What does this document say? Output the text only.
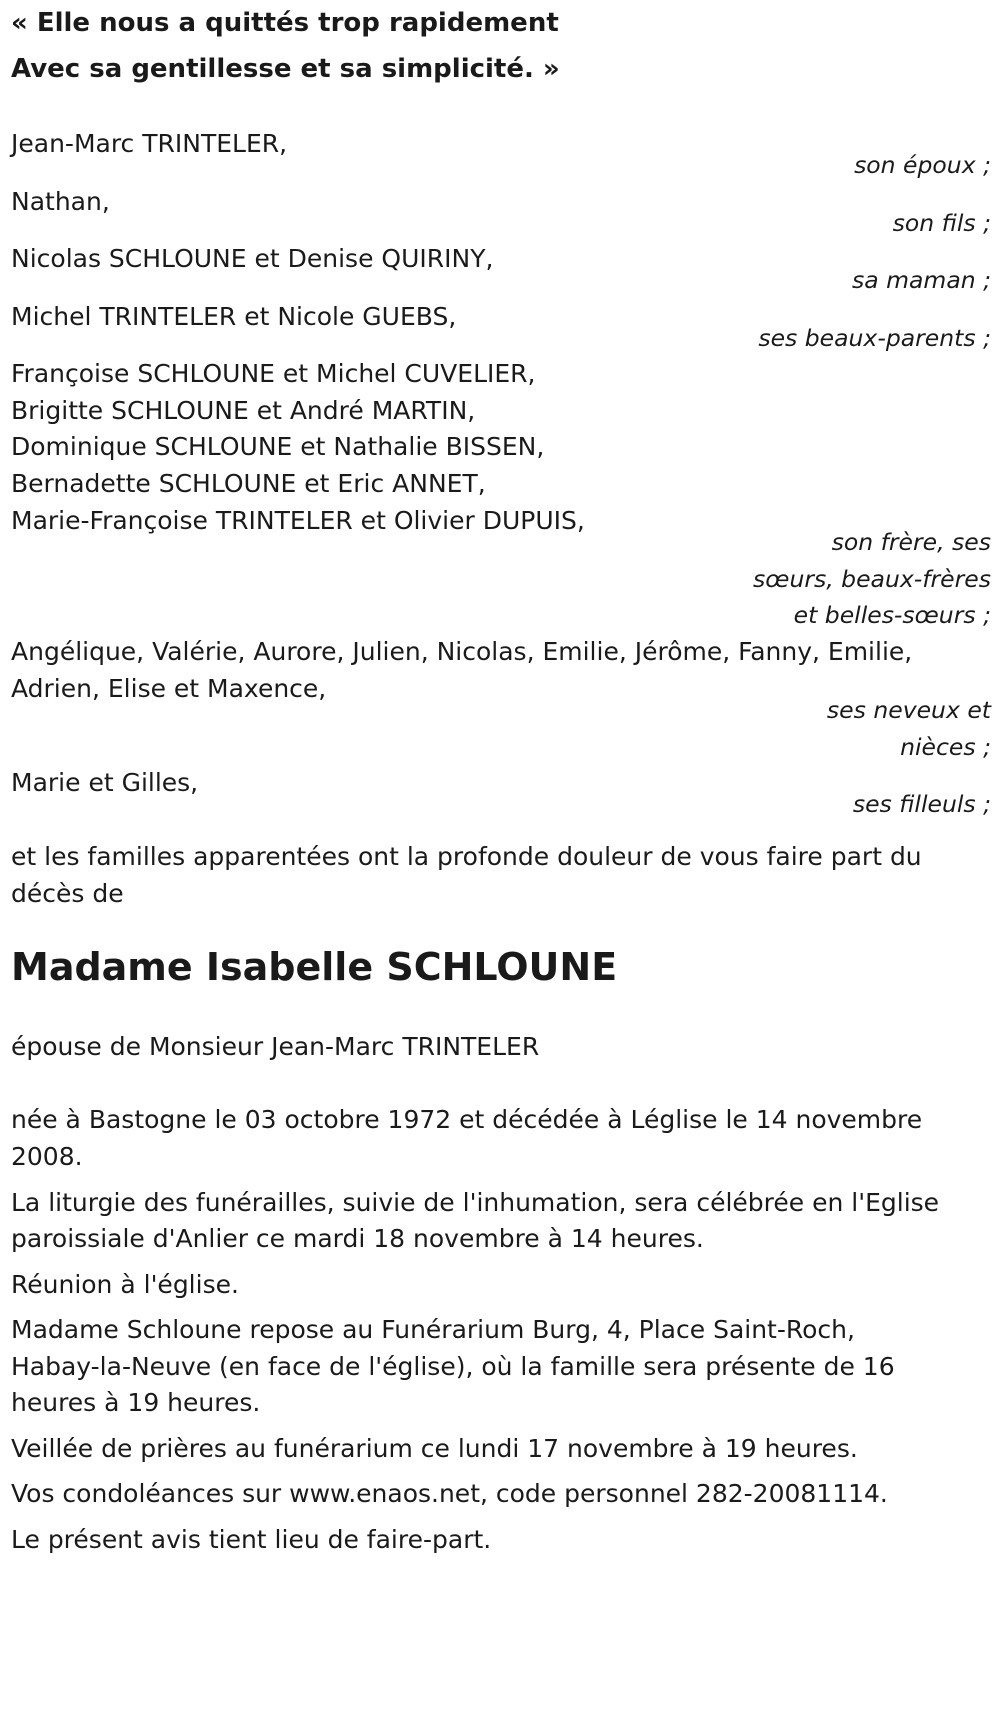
« Elle nous a quittés trop rapidement
Avec sa gentillesse et sa simplicité. »
Jean-Marc TRINTELER,
son époux ;
Nathan,
son fils ;
Nicolas SCHLOUNE et Denise QUIRINY,
sa maman ;
Michel TRINTELER et Nicole GUEBS,
ses beaux-parents ;
Françoise SCHLOUNE et Michel CUVELIER,
Brigitte SCHLOUNE et André MARTIN,
Dominique SCHLOUNE et Nathalie BISSEN,
Bernadette SCHLOUNE et Eric ANNET,
Marie-Françoise TRINTELER et Olivier DUPUIS,
son frère, ses
sœurs, beaux-frères
et belles-sœurs ;
Angélique, Valérie, Aurore, Julien, Nicolas, Emilie, Jérôme, Fanny, Emilie,
Adrien, Elise et Maxence,
ses neveux et
nièces ;
Marie et Gilles,
ses filleuls ;
et les familles apparentées ont la profonde douleur de vous faire part du
décès de
Madame Isabelle SCHLOUNE
épouse de Monsieur Jean-Marc TRINTELER
née à Bastogne le 03 octobre 1972 et décédée à Léglise le 14 novembre
2008.
La liturgie des funérailles, suivie de l'inhumation, sera célébrée en l'Eglise
paroissiale d'Anlier ce mardi 18 novembre à 14 heures.
Réunion à l'église.
Madame Schloune repose au Funérarium Burg, 4, Place Saint-Roch,
Habay-la-Neuve (en face de l'église), où la famille sera présente de 16
heures à 19 heures.
Veillée de prières au funérarium ce lundi 17 novembre à 19 heures.
Vos condoléances sur www.enaos.net, code personnel 282-20081114.
Le présent avis tient lieu de faire-part.
